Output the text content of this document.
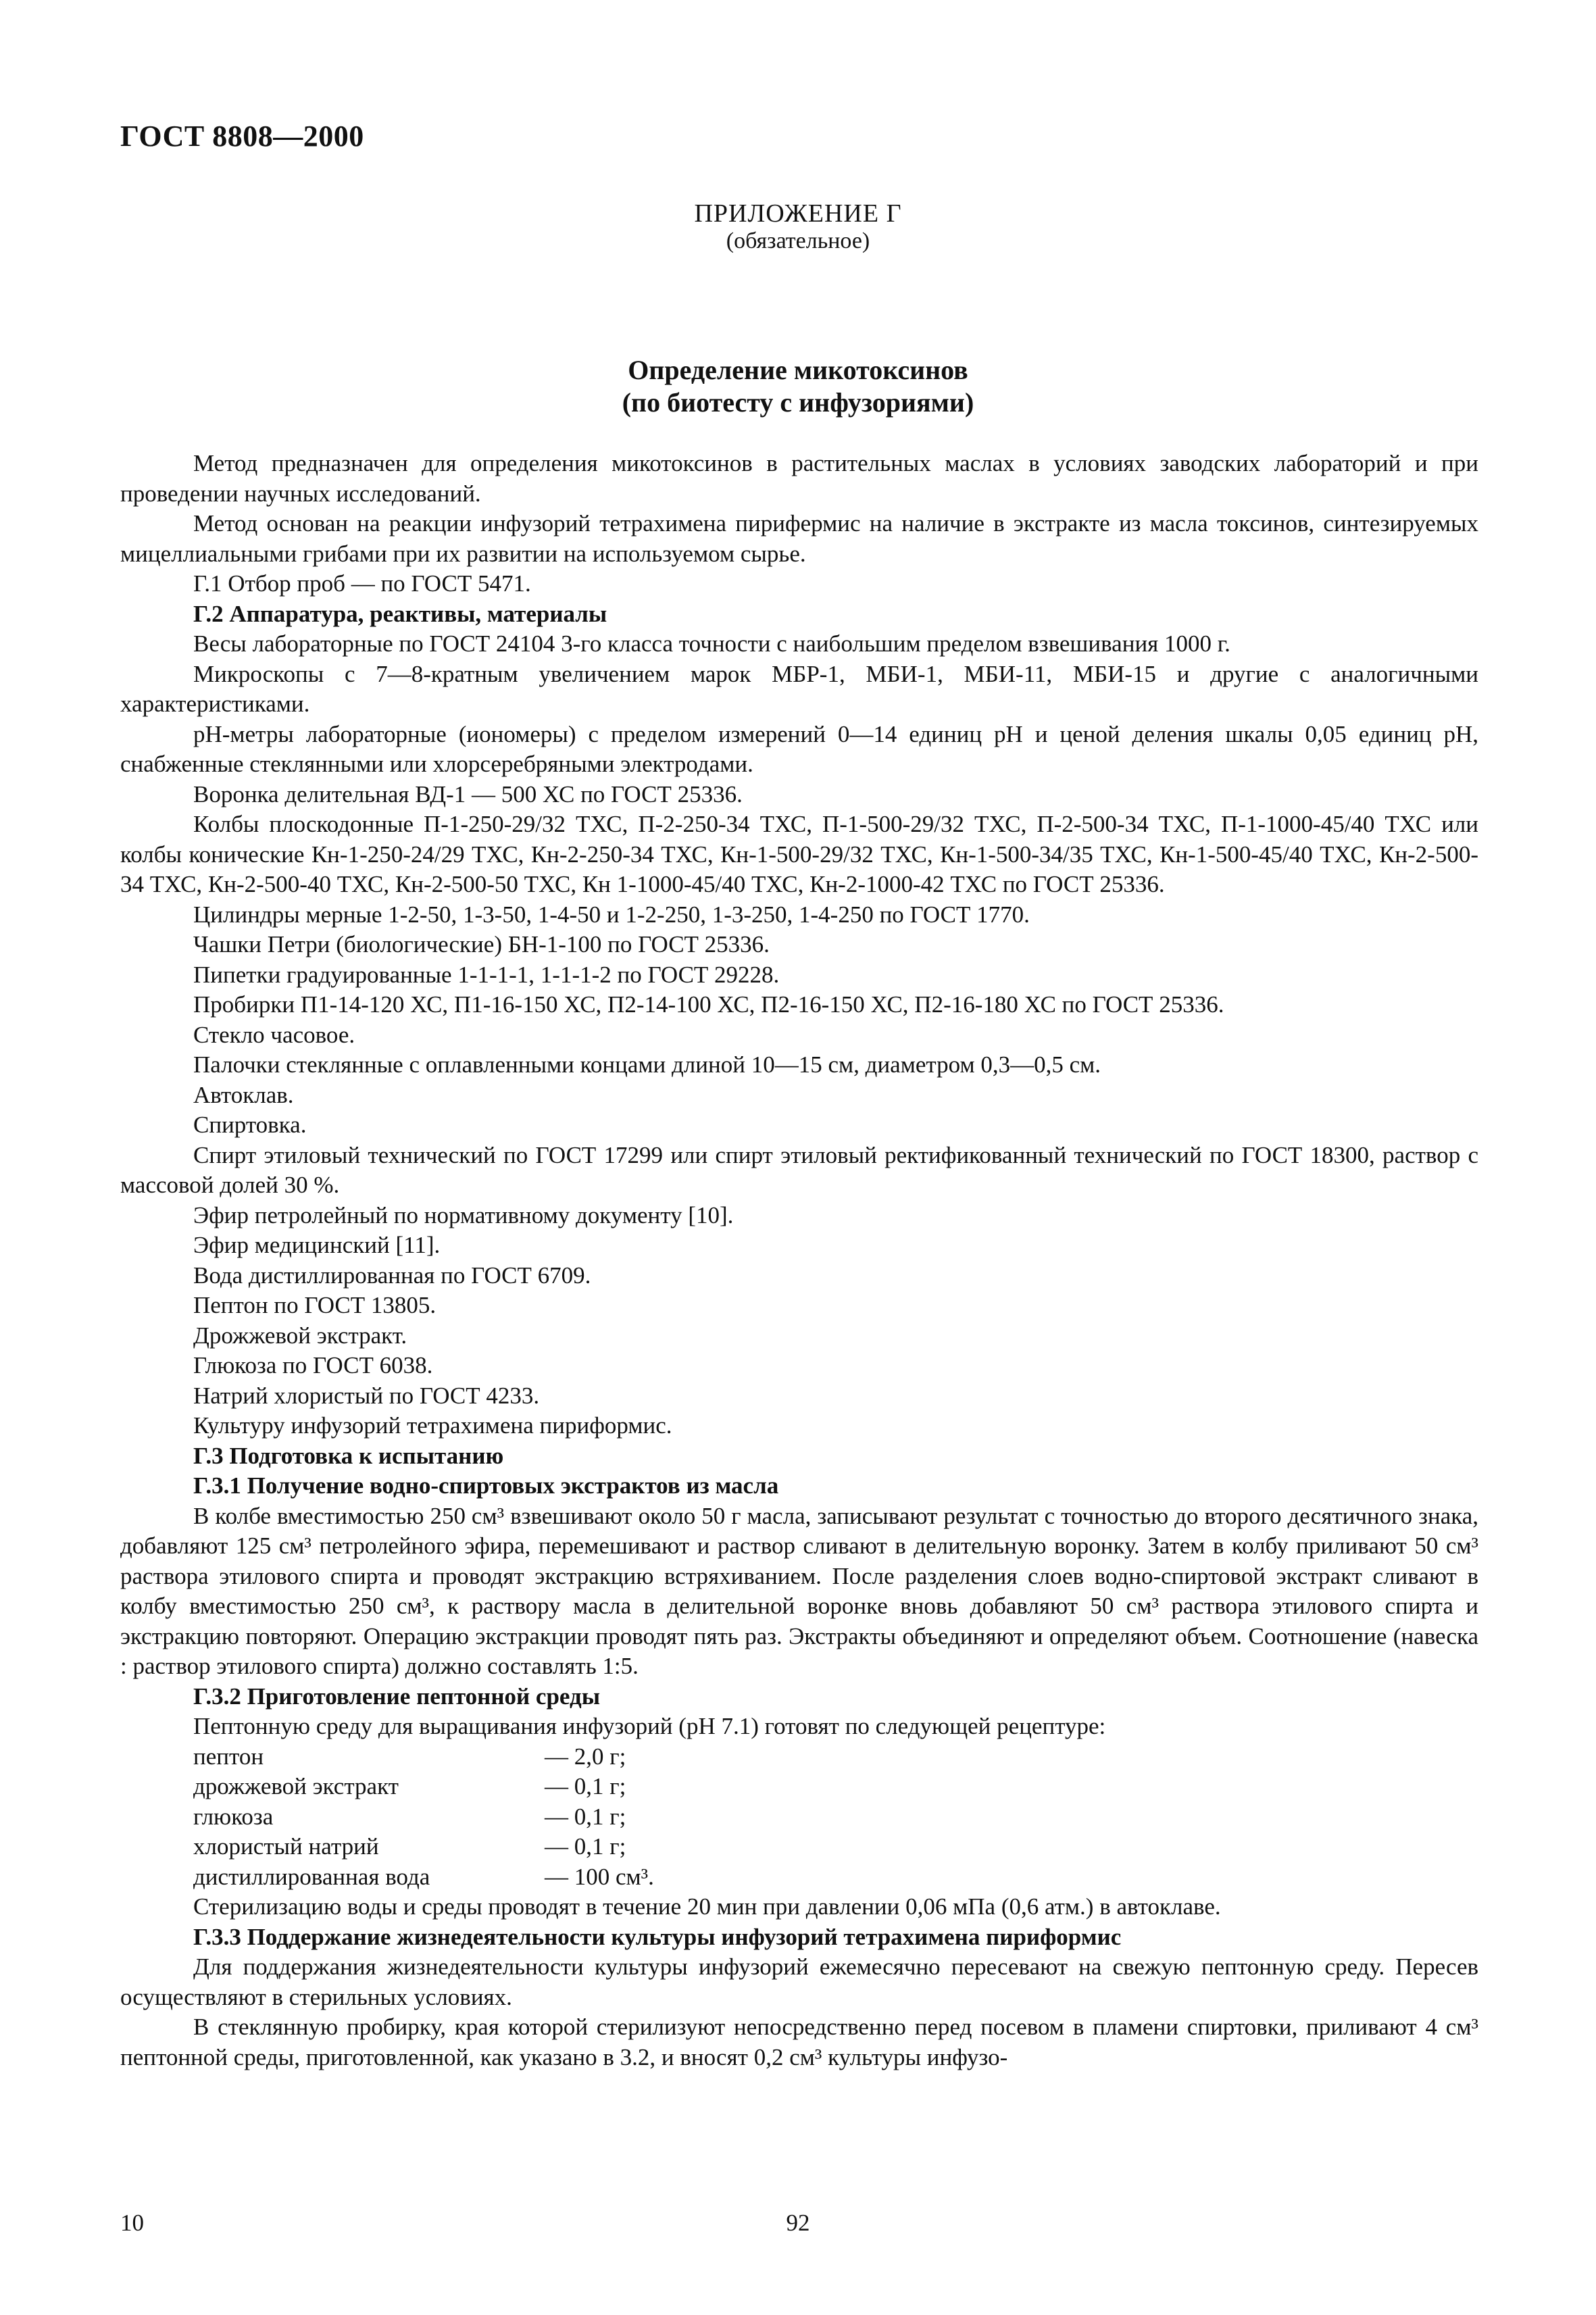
ГОСТ 8808—2000
ПРИЛОЖЕНИЕ Г
(обязательное)
Определение микотоксинов
(по биотесту с инфузориями)

Метод предназначен для определения микотоксинов в растительных маслах в условиях заводских лабораторий и при проведении научных исследований.

Метод основан на реакции инфузорий тетрахимена пирифермис на наличие в экстракте из масла токсинов, синтезируемых мицеллиальными грибами при их развитии на используемом сырье.

Г.1 Отбор проб — по ГОСТ 5471.

Г.2 Аппаратура, реактивы, материалы

Весы лабораторные по ГОСТ 24104 3-го класса точности с наибольшим пределом взвешивания 1000 г.

Микроскопы с 7—8-кратным увеличением марок МБР-1, МБИ-1, МБИ-11, МБИ-15 и другие с аналогичными характеристиками.

pH-метры лабораторные (иономеры) с пределом измерений 0—14 единиц pH и ценой деления шкалы 0,05 единиц pH, снабженные стеклянными или хлорсеребряными электродами.

Воронка делительная ВД-1 — 500 ХС по ГОСТ 25336.

Колбы плоскодонные П-1-250-29/32 ТХС, П-2-250-34 ТХС, П-1-500-29/32 ТХС, П-2-500-34 ТХС, П-1-1000-45/40 ТХС или колбы конические Кн-1-250-24/29 ТХС, Кн-2-250-34 ТХС, Кн-1-500-29/32 ТХС, Кн-1-500-34/35 ТХС, Кн-1-500-45/40 ТХС, Кн-2-500-34 ТХС, Кн-2-500-40 ТХС, Кн-2-500-50 ТХС, Кн 1-1000-45/40 ТХС, Кн-2-1000-42 ТХС по ГОСТ 25336.

Цилиндры мерные 1-2-50, 1-3-50, 1-4-50 и 1-2-250, 1-3-250, 1-4-250 по ГОСТ 1770.

Чашки Петри (биологические) БН-1-100 по ГОСТ 25336.

Пипетки градуированные 1-1-1-1, 1-1-1-2 по ГОСТ 29228.

Пробирки П1-14-120 ХС, П1-16-150 ХС, П2-14-100 ХС, П2-16-150 ХС, П2-16-180 ХС по ГОСТ 25336.

Стекло часовое.

Палочки стеклянные с оплавленными концами длиной 10—15 см, диаметром 0,3—0,5 см.

Автоклав.

Спиртовка.

Спирт этиловый технический по ГОСТ 17299 или спирт этиловый ректификованный технический по ГОСТ 18300, раствор с массовой долей 30 %.

Эфир петролейный по нормативному документу [10].

Эфир медицинский [11].

Вода дистиллированная по ГОСТ 6709.

Пептон по ГОСТ 13805.

Дрожжевой экстракт.

Глюкоза по ГОСТ 6038.

Натрий хлористый по ГОСТ 4233.

Культуру инфузорий тетрахимена пириформис.

Г.3 Подготовка к испытанию

Г.3.1 Получение водно-спиртовых экстрактов из масла

В колбе вместимостью 250 см³ взвешивают около 50 г масла, записывают результат с точностью до второго десятичного знака, добавляют 125 см³ петролейного эфира, перемешивают и раствор сливают в делительную воронку. Затем в колбу приливают 50 см³ раствора этилового спирта и проводят экстракцию встряхиванием. После разделения слоев водно-спиртовой экстракт сливают в колбу вместимостью 250 см³, к раствору масла в делительной воронке вновь добавляют 50 см³ раствора этилового спирта и экстракцию повторяют. Операцию экстракции проводят пять раз. Экстракты объединяют и определяют объем. Соотношение (навеска : раствор этилового спирта) должно составлять 1:5.

Г.3.2 Приготовление пептонной среды

Пептонную среду для выращивания инфузорий (pH 7.1) готовят по следующей рецептуре:

пептон	— 2,0 г;

дрожжевой экстракт	— 0,1 г;

глюкоза	— 0,1 г;

хлористый натрий	— 0,1 г;

дистиллированная вода	— 100 см³.

Стерилизацию воды и среды проводят в течение 20 мин при давлении 0,06 мПа (0,6 атм.) в автоклаве.

Г.3.3 Поддержание жизнедеятельности культуры инфузорий тетрахимена пириформис

Для поддержания жизнедеятельности культуры инфузорий ежемесячно пересевают на свежую пептонную среду. Пересев осуществляют в стерильных условиях.

В стеклянную пробирку, края которой стерилизуют непосредственно перед посевом в пламени спиртовки, приливают 4 см³ пептонной среды, приготовленной, как указано в 3.2, и вносят 0,2 см³ культуры инфузо-

10	92
